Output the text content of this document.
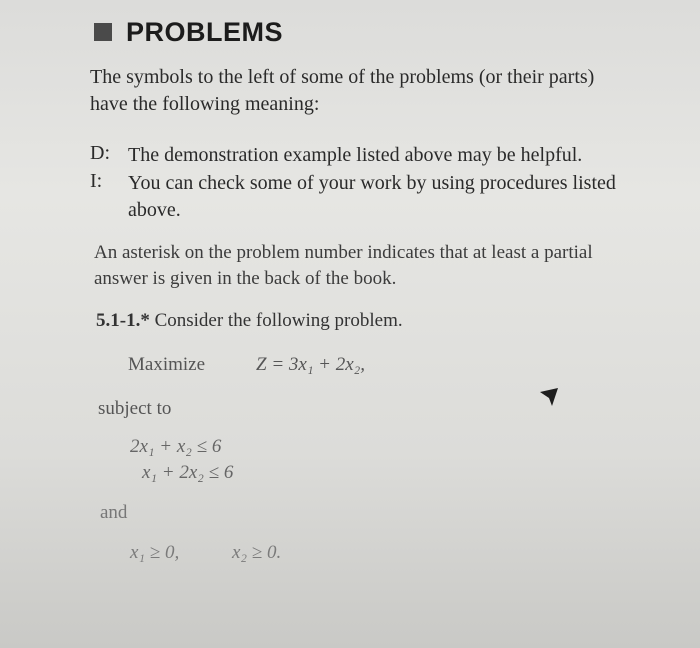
PROBLEMS
The symbols to the left of some of the problems (or their parts)
have the following meaning:
D: The demonstration example listed above may be helpful.
I: You can check some of your work by using procedures listed
above.
An asterisk on the problem number indicates that at least a partial
answer is given in the back of the book.
5.1-1.* Consider the following problem.
Maximize	Z = 3x₁ + 2x₂,
subject to
2x₁ + x₂ ≤ 6
x₁ + 2x₂ ≤ 6
and
x₁ ≥ 0,	x₂ ≥ 0.
